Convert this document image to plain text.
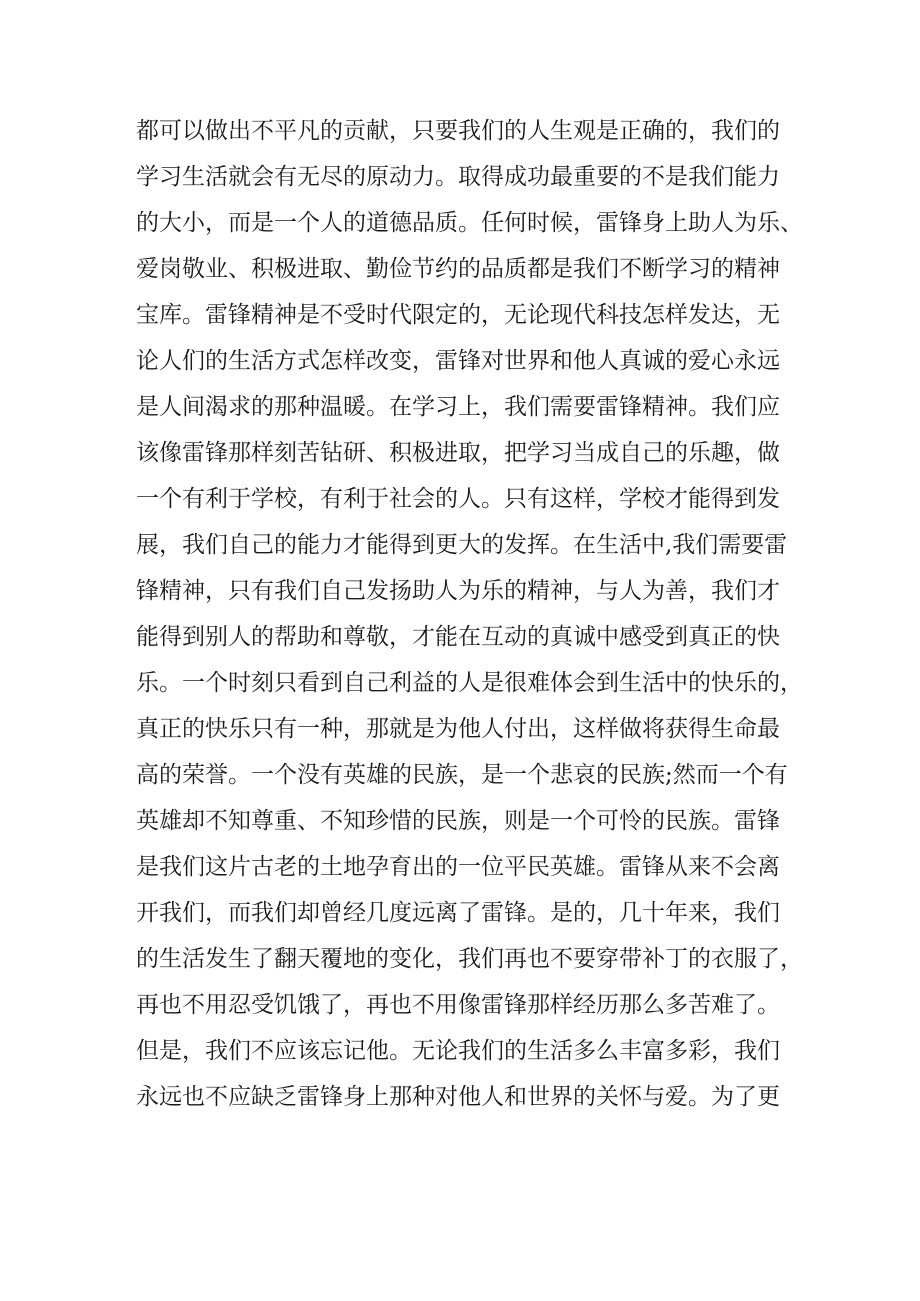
都可以做出不平凡的贡献，只要我们的人生观是正确的，我们的
学习生活就会有无尽的原动力。取得成功最重要的不是我们能力
的大小，而是一个人的道德品质。任何时候，雷锋身上助人为乐、
爱岗敬业、积极进取、勤俭节约的品质都是我们不断学习的精神
宝库。雷锋精神是不受时代限定的，无论现代科技怎样发达，无
论人们的生活方式怎样改变，雷锋对世界和他人真诚的爱心永远
是人间渴求的那种温暖。在学习上，我们需要雷锋精神。我们应
该像雷锋那样刻苦钻研、积极进取，把学习当成自己的乐趣，做
一个有利于学校，有利于社会的人。只有这样，学校才能得到发
展，我们自己的能力才能得到更大的发挥。在生活中,我们需要雷
锋精神，只有我们自己发扬助人为乐的精神，与人为善，我们才
能得到别人的帮助和尊敬，才能在互动的真诚中感受到真正的快
乐。一个时刻只看到自己利益的人是很难体会到生活中的快乐的，
真正的快乐只有一种，那就是为他人付出，这样做将获得生命最
高的荣誉。一个没有英雄的民族，是一个悲哀的民族;然而一个有
英雄却不知尊重、不知珍惜的民族，则是一个可怜的民族。雷锋
是我们这片古老的土地孕育出的一位平民英雄。雷锋从来不会离
开我们，而我们却曾经几度远离了雷锋。是的，几十年来，我们
的生活发生了翻天覆地的变化，我们再也不要穿带补丁的衣服了，
再也不用忍受饥饿了，再也不用像雷锋那样经历那么多苦难了。
但是，我们不应该忘记他。无论我们的生活多么丰富多彩，我们
永远也不应缺乏雷锋身上那种对他人和世界的关怀与爱。为了更
